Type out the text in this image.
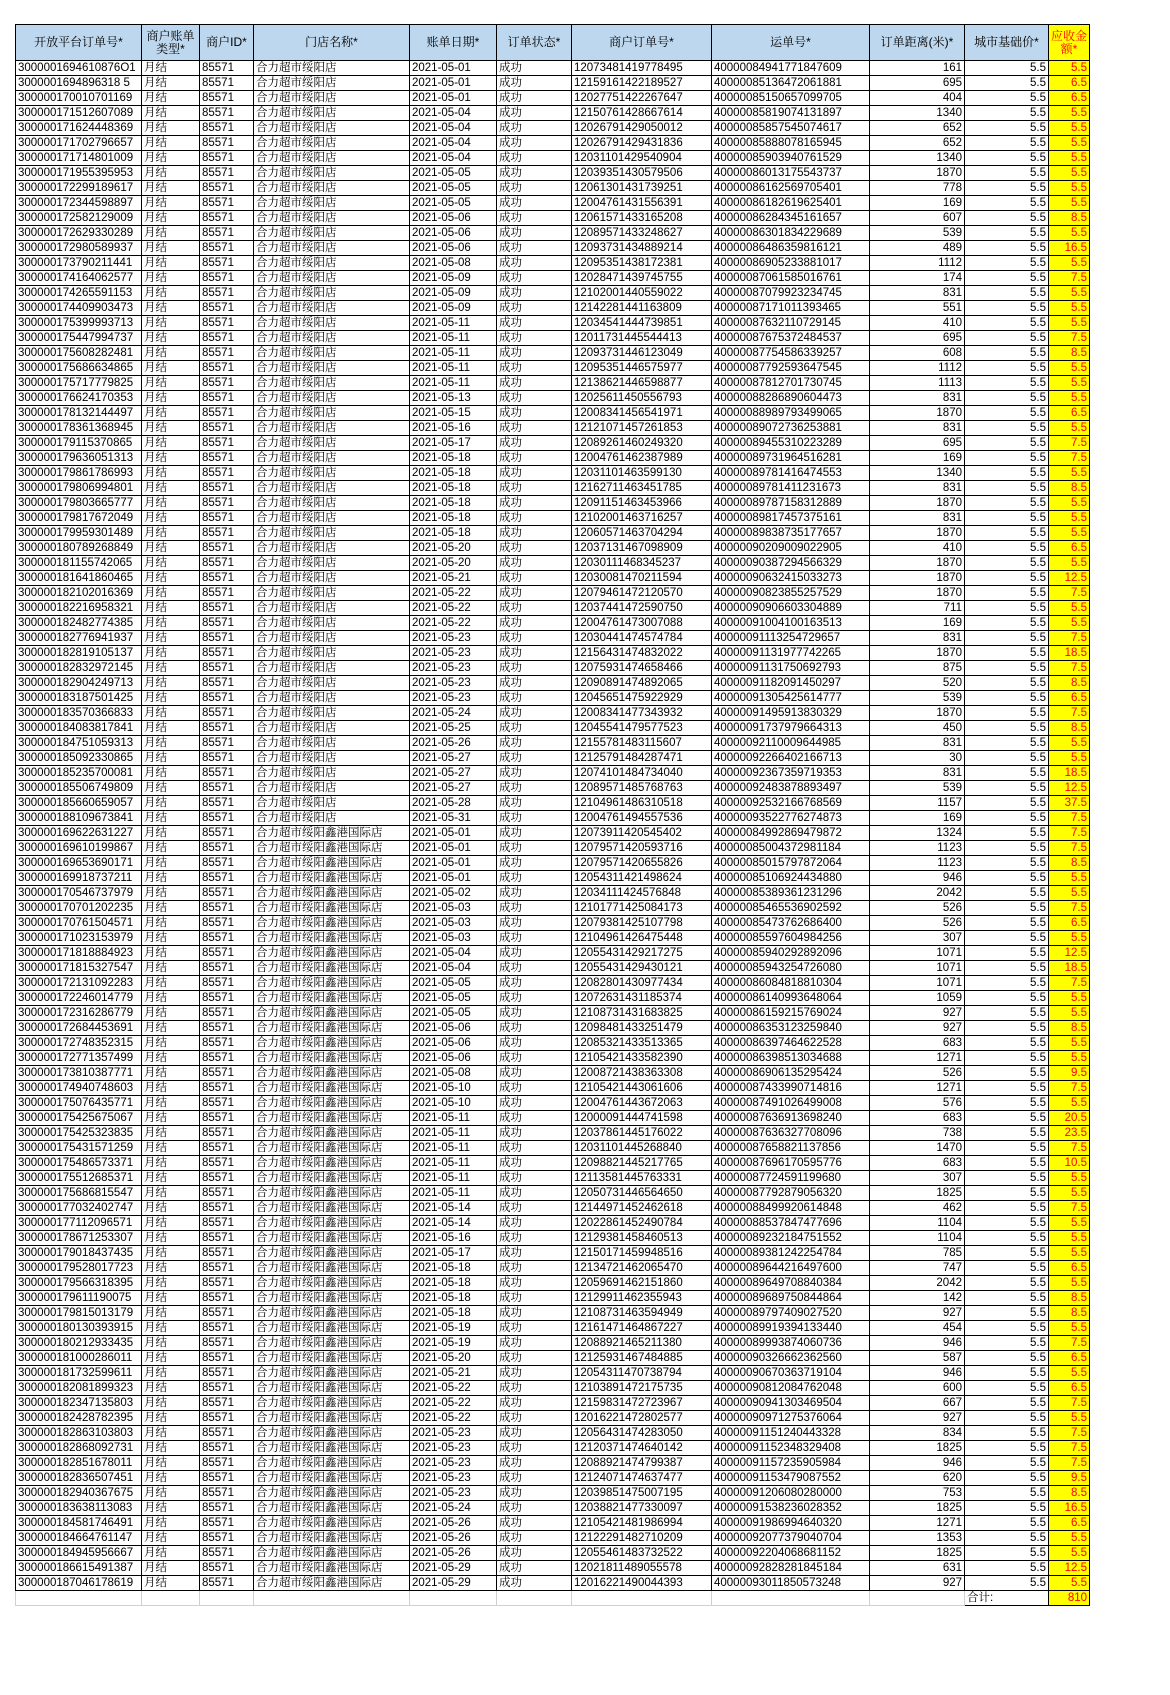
开放平台订单号*	商户账单类型*	商户ID*	门店名称*	账单日期*	订单状态*	商户订单号*	运单号*	订单距离(米)*	城市基础价*	应收金额*
3000001694610876O1	月结	85571	合力超市绥阳店	2021-05-01	成功	12073481419778495	40000084941771847609	161	5.5	5.5
3000001694896318 5	月结	85571	合力超市绥阳店	2021-05-01	成功	12159161422189527	40000085136472061881	695	5.5	6.5
300000170010701169	月结	85571	合力超市绥阳店	2021-05-01	成功	12027751422267647	40000085150657099705	404	5.5	6.5
300000171512607089	月结	85571	合力超市绥阳店	2021-05-04	成功	12150761428667614	40000085819074131897	1340	5.5	5.5
300000171624448369	月结	85571	合力超市绥阳店	2021-05-04	成功	12026791429050012	40000085857545074617	652	5.5	5.5
300000171702796657	月结	85571	合力超市绥阳店	2021-05-04	成功	12026791429431836	40000085888078165945	652	5.5	5.5
300000171714801009	月结	85571	合力超市绥阳店	2021-05-04	成功	12031101429540904	40000085903940761529	1340	5.5	5.5
300000171955395953	月结	85571	合力超市绥阳店	2021-05-05	成功	12039351430579506	40000086013175543737	1870	5.5	5.5
300000172299189617	月结	85571	合力超市绥阳店	2021-05-05	成功	12061301431739251	40000086162569705401	778	5.5	5.5
300000172344598897	月结	85571	合力超市绥阳店	2021-05-05	成功	12004761431556391	40000086182619625401	169	5.5	5.5
300000172582129009	月结	85571	合力超市绥阳店	2021-05-06	成功	12061571433165208	40000086284345161657	607	5.5	8.5
300000172629330289	月结	85571	合力超市绥阳店	2021-05-06	成功	12089571433248627	40000086301834229689	539	5.5	5.5
300000172980589937	月结	85571	合力超市绥阳店	2021-05-06	成功	12093731434889214	40000086486359816121	489	5.5	16.5
300000173790211441	月结	85571	合力超市绥阳店	2021-05-08	成功	12095351438172381	40000086905233881017	1112	5.5	5.5
300000174164062577	月结	85571	合力超市绥阳店	2021-05-09	成功	12028471439745755	40000087061585016761	174	5.5	7.5
300000174265591153	月结	85571	合力超市绥阳店	2021-05-09	成功	12102001440559022	40000087079923234745	831	5.5	5.5
300000174409903473	月结	85571	合力超市绥阳店	2021-05-09	成功	12142281441163809	40000087171011393465	551	5.5	5.5
300000175399993713	月结	85571	合力超市绥阳店	2021-05-11	成功	12034541444739851	40000087632110729145	410	5.5	5.5
300000175447994737	月结	85571	合力超市绥阳店	2021-05-11	成功	12011731445544413	40000087675372484537	695	5.5	7.5
300000175608282481	月结	85571	合力超市绥阳店	2021-05-11	成功	12093731446123049	40000087754586339257	608	5.5	8.5
300000175686634865	月结	85571	合力超市绥阳店	2021-05-11	成功	12095351446575977	40000087792593647545	1112	5.5	5.5
300000175717779825	月结	85571	合力超市绥阳店	2021-05-11	成功	12138621446598877	40000087812701730745	1113	5.5	5.5
300000176624170353	月结	85571	合力超市绥阳店	2021-05-13	成功	12025611450556793	40000088286890604473	831	5.5	5.5
300000178132144497	月结	85571	合力超市绥阳店	2021-05-15	成功	12008341456541971	40000088989793499065	1870	5.5	6.5
300000178361368945	月结	85571	合力超市绥阳店	2021-05-16	成功	12121071457261853	40000089072736253881	831	5.5	5.5
300000179115370865	月结	85571	合力超市绥阳店	2021-05-17	成功	12089261460249320	40000089455310223289	695	5.5	7.5
300000179636051313	月结	85571	合力超市绥阳店	2021-05-18	成功	12004761462387989	40000089731964516281	169	5.5	7.5
300000179861786993	月结	85571	合力超市绥阳店	2021-05-18	成功	12031101463599130	40000089781416474553	1340	5.5	5.5
300000179806994801	月结	85571	合力超市绥阳店	2021-05-18	成功	12162711463451785	40000089781411231673	831	5.5	8.5
300000179803665777	月结	85571	合力超市绥阳店	2021-05-18	成功	12091151463453966	40000089787158312889	1870	5.5	5.5
300000179817672049	月结	85571	合力超市绥阳店	2021-05-18	成功	12102001463716257	40000089817457375161	831	5.5	5.5
300000179959301489	月结	85571	合力超市绥阳店	2021-05-18	成功	12060571463704294	40000089838735177657	1870	5.5	5.5
300000180789268849	月结	85571	合力超市绥阳店	2021-05-20	成功	12037131467098909	40000090209009022905	410	5.5	6.5
300000181155742065	月结	85571	合力超市绥阳店	2021-05-20	成功	12030111468345237	40000090387294566329	1870	5.5	5.5
300000181641860465	月结	85571	合力超市绥阳店	2021-05-21	成功	12030081470211594	40000090632415033273	1870	5.5	12.5
300000182102016369	月结	85571	合力超市绥阳店	2021-05-22	成功	12079461472120570	40000090823855257529	1870	5.5	7.5
300000182216958321	月结	85571	合力超市绥阳店	2021-05-22	成功	12037441472590750	40000090906603304889	711	5.5	5.5
300000182482774385	月结	85571	合力超市绥阳店	2021-05-22	成功	12004761473007088	40000091004100163513	169	5.5	5.5
300000182776941937	月结	85571	合力超市绥阳店	2021-05-23	成功	12030441474574784	40000091113254729657	831	5.5	7.5
300000182819105137	月结	85571	合力超市绥阳店	2021-05-23	成功	12156431474832022	40000091131977742265	1870	5.5	18.5
300000182832972145	月结	85571	合力超市绥阳店	2021-05-23	成功	12075931474658466	40000091131750692793	875	5.5	7.5
300000182904249713	月结	85571	合力超市绥阳店	2021-05-23	成功	12090891474892065	40000091182091450297	520	5.5	8.5
300000183187501425	月结	85571	合力超市绥阳店	2021-05-23	成功	12045651475922929	40000091305425614777	539	5.5	6.5
300000183570366833	月结	85571	合力超市绥阳店	2021-05-24	成功	12008341477343932	40000091495913830329	1870	5.5	7.5
300000184083817841	月结	85571	合力超市绥阳店	2021-05-25	成功	12045541479577523	40000091737979664313	450	5.5	8.5
300000184751059313	月结	85571	合力超市绥阳店	2021-05-26	成功	12155781483115607	40000092110009644985	831	5.5	5.5
300000185092330865	月结	85571	合力超市绥阳店	2021-05-27	成功	12125791484287471	40000092266402166713	30	5.5	5.5
300000185235700081	月结	85571	合力超市绥阳店	2021-05-27	成功	12074101484734040	40000092367359719353	831	5.5	18.5
300000185506749809	月结	85571	合力超市绥阳店	2021-05-27	成功	12089571485768763	40000092483878893497	539	5.5	12.5
300000185660659057	月结	85571	合力超市绥阳店	2021-05-28	成功	12104961486310518	40000092532166768569	1157	5.5	37.5
300000188109673841	月结	85571	合力超市绥阳店	2021-05-31	成功	12004761494557536	40000093522776274873	169	5.5	7.5
300000169622631227	月结	85571	合力超市绥阳鑫港国际店	2021-05-01	成功	12073911420545402	40000084992869479872	1324	5.5	7.5
300000169610199867	月结	85571	合力超市绥阳鑫港国际店	2021-05-01	成功	12079571420593716	40000085004372981184	1123	5.5	7.5
300000169653690171	月结	85571	合力超市绥阳鑫港国际店	2021-05-01	成功	12079571420655826	40000085015797872064	1123	5.5	8.5
300000169918737211	月结	85571	合力超市绥阳鑫港国际店	2021-05-01	成功	12054311421498624	40000085106924434880	946	5.5	5.5
300000170546737979	月结	85571	合力超市绥阳鑫港国际店	2021-05-02	成功	12034111424576848	40000085389361231296	2042	5.5	5.5
300000170701202235	月结	85571	合力超市绥阳鑫港国际店	2021-05-03	成功	12101771425084173	40000085465536902592	526	5.5	7.5
300000170761504571	月结	85571	合力超市绥阳鑫港国际店	2021-05-03	成功	12079381425107798	40000085473762686400	526	5.5	6.5
300000171023153979	月结	85571	合力超市绥阳鑫港国际店	2021-05-03	成功	12104961426475448	40000085597604984256	307	5.5	5.5
300000171818884923	月结	85571	合力超市绥阳鑫港国际店	2021-05-04	成功	12055431429217275	40000085940292892096	1071	5.5	12.5
300000171815327547	月结	85571	合力超市绥阳鑫港国际店	2021-05-04	成功	12055431429430121	40000085943254726080	1071	5.5	18.5
300000172131092283	月结	85571	合力超市绥阳鑫港国际店	2021-05-05	成功	12082801430977434	40000086084818810304	1071	5.5	7.5
300000172246014779	月结	85571	合力超市绥阳鑫港国际店	2021-05-05	成功	12072631431185374	40000086140993648064	1059	5.5	5.5
300000172316286779	月结	85571	合力超市绥阳鑫港国际店	2021-05-05	成功	12108731431683825	40000086159215769024	927	5.5	5.5
300000172684453691	月结	85571	合力超市绥阳鑫港国际店	2021-05-06	成功	12098481433251479	40000086353123259840	927	5.5	8.5
300000172748352315	月结	85571	合力超市绥阳鑫港国际店	2021-05-06	成功	12085321433513365	40000086397464622528	683	5.5	5.5
300000172771357499	月结	85571	合力超市绥阳鑫港国际店	2021-05-06	成功	12105421433582390	40000086398513034688	1271	5.5	5.5
300000173810387771	月结	85571	合力超市绥阳鑫港国际店	2021-05-08	成功	12008721438363308	40000086906135295424	526	5.5	9.5
300000174940748603	月结	85571	合力超市绥阳鑫港国际店	2021-05-10	成功	12105421443061606	40000087433990714816	1271	5.5	7.5
300000175076435771	月结	85571	合力超市绥阳鑫港国际店	2021-05-10	成功	12004761443672063	40000087491026499008	576	5.5	5.5
300000175425675067	月结	85571	合力超市绥阳鑫港国际店	2021-05-11	成功	12000091444741598	40000087636913698240	683	5.5	20.5
300000175425323835	月结	85571	合力超市绥阳鑫港国际店	2021-05-11	成功	12037861445176022	40000087636327708096	738	5.5	23.5
300000175431571259	月结	85571	合力超市绥阳鑫港国际店	2021-05-11	成功	12031101445268840	40000087658821137856	1470	5.5	7.5
300000175486573371	月结	85571	合力超市绥阳鑫港国际店	2021-05-11	成功	12098821445217765	40000087696170595776	683	5.5	10.5
300000175512685371	月结	85571	合力超市绥阳鑫港国际店	2021-05-11	成功	12113581445763331	40000087724591199680	307	5.5	5.5
300000175686815547	月结	85571	合力超市绥阳鑫港国际店	2021-05-11	成功	12050731446564650	40000087792879056320	1825	5.5	5.5
300000177032402747	月结	85571	合力超市绥阳鑫港国际店	2021-05-14	成功	12144971452462618	40000088499920614848	462	5.5	7.5
300000177112096571	月结	85571	合力超市绥阳鑫港国际店	2021-05-14	成功	12022861452490784	40000088537847477696	1104	5.5	5.5
300000178671253307	月结	85571	合力超市绥阳鑫港国际店	2021-05-16	成功	12129381458460513	40000089232184751552	1104	5.5	5.5
300000179018437435	月结	85571	合力超市绥阳鑫港国际店	2021-05-17	成功	12150171459948516	40000089381242254784	785	5.5	5.5
300000179528017723	月结	85571	合力超市绥阳鑫港国际店	2021-05-18	成功	12134721462065470	40000089644216497600	747	5.5	6.5
300000179566318395	月结	85571	合力超市绥阳鑫港国际店	2021-05-18	成功	12059691462151860	40000089649708840384	2042	5.5	5.5
300000179611190075	月结	85571	合力超市绥阳鑫港国际店	2021-05-18	成功	12129911462355943	40000089689750844864	142	5.5	8.5
300000179815013179	月结	85571	合力超市绥阳鑫港国际店	2021-05-18	成功	12108731463594949	40000089797409027520	927	5.5	8.5
300000180130393915	月结	85571	合力超市绥阳鑫港国际店	2021-05-19	成功	12161471464867227	40000089919394133440	454	5.5	5.5
300000180212933435	月结	85571	合力超市绥阳鑫港国际店	2021-05-19	成功	12088921465211380	40000089993874060736	946	5.5	7.5
300000181000286011	月结	85571	合力超市绥阳鑫港国际店	2021-05-20	成功	12125931467484885	40000090326662362560	587	5.5	6.5
300000181732599611	月结	85571	合力超市绥阳鑫港国际店	2021-05-21	成功	12054311470738794	40000090670363719104	946	5.5	5.5
300000182081899323	月结	85571	合力超市绥阳鑫港国际店	2021-05-22	成功	12103891472175735	40000090812084762048	600	5.5	6.5
300000182347135803	月结	85571	合力超市绥阳鑫港国际店	2021-05-22	成功	12159831472723967	40000090941303469504	667	5.5	7.5
300000182428782395	月结	85571	合力超市绥阳鑫港国际店	2021-05-22	成功	12016221472802577	40000090971275376064	927	5.5	5.5
300000182863103803	月结	85571	合力超市绥阳鑫港国际店	2021-05-23	成功	12056431474283050	40000091151240443328	834	5.5	7.5
300000182868092731	月结	85571	合力超市绥阳鑫港国际店	2021-05-23	成功	12120371474640142	40000091152348329408	1825	5.5	7.5
300000182851678011	月结	85571	合力超市绥阳鑫港国际店	2021-05-23	成功	12088921474799387	40000091157235905984	946	5.5	7.5
300000182836507451	月结	85571	合力超市绥阳鑫港国际店	2021-05-23	成功	12124071474637477	40000091153479087552	620	5.5	9.5
300000182940367675	月结	85571	合力超市绥阳鑫港国际店	2021-05-23	成功	12039851475007195	40000091206080280000	753	5.5	8.5
300000183638113083	月结	85571	合力超市绥阳鑫港国际店	2021-05-24	成功	12038821477330097	40000091538236028352	1825	5.5	16.5
300000184581746491	月结	85571	合力超市绥阳鑫港国际店	2021-05-26	成功	12105421481986994	40000091986994640320	1271	5.5	6.5
300000184664761147	月结	85571	合力超市绥阳鑫港国际店	2021-05-26	成功	12122291482710209	40000092077379040704	1353	5.5	5.5
300000184945956667	月结	85571	合力超市绥阳鑫港国际店	2021-05-26	成功	12055461483732522	40000092204068681152	1825	5.5	5.5
300000186615491387	月结	85571	合力超市绥阳鑫港国际店	2021-05-29	成功	12021811489055578	40000092828281845184	631	5.5	12.5
300000187046178619	月结	85571	合力超市绥阳鑫港国际店	2021-05-29	成功	12016221490044393	40000093011850573248	927	5.5	5.5
									合计:	810
